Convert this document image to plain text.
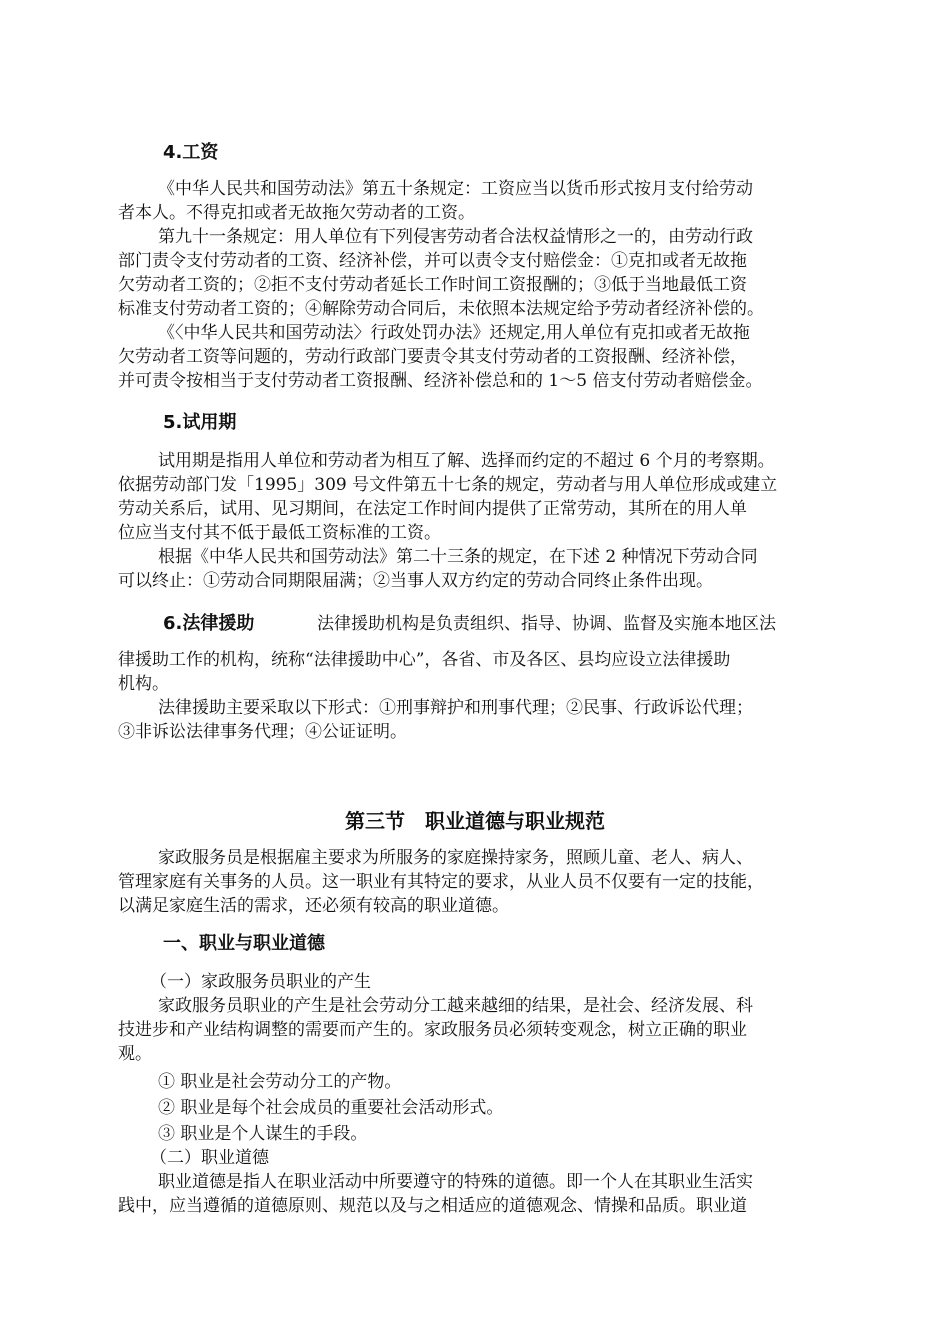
4.工资
《中华人民共和国劳动法》第五十条规定：工资应当以货币形式按月支付给劳动
者本人。不得克扣或者无故拖欠劳动者的工资。
第九十一条规定：用人单位有下列侵害劳动者合法权益情形之一的，由劳动行政
部门责令支付劳动者的工资、经济补偿，并可以责令支付赔偿金：①克扣或者无故拖
欠劳动者工资的；②拒不支付劳动者延长工作时间工资报酬的；③低于当地最低工资
标准支付劳动者工资的；④解除劳动合同后，未依照本法规定给予劳动者经济补偿的。
《〈中华人民共和国劳动法〉行政处罚办法》还规定,用人单位有克扣或者无故拖
欠劳动者工资等问题的，劳动行政部门要责令其支付劳动者的工资报酬、经济补偿，
并可责令按相当于支付劳动者工资报酬、经济补偿总和的 1～5 倍支付劳动者赔偿金。
5.试用期
试用期是指用人单位和劳动者为相互了解、选择而约定的不超过 6 个月的考察期。
依据劳动部门发「1995」309 号文件第五十七条的规定，劳动者与用人单位形成或建立
劳动关系后，试用、见习期间，在法定工作时间内提供了正常劳动，其所在的用人单
位应当支付其不低于最低工资标准的工资。
根据《中华人民共和国劳动法》第二十三条的规定，在下述 2 种情况下劳动合同
可以终止：①劳动合同期限届满；②当事人双方约定的劳动合同终止条件出现。
6.法律援助	法律援助机构是负责组织、指导、协调、监督及实施本地区法
律援助工作的机构，统称“法律援助中心”，各省、市及各区、县均应设立法律援助
机构。
法律援助主要采取以下形式：①刑事辩护和刑事代理；②民事、行政诉讼代理；
③非诉讼法律事务代理；④公证证明。
第三节　职业道德与职业规范
家政服务员是根据雇主要求为所服务的家庭操持家务，照顾儿童、老人、病人、
管理家庭有关事务的人员。这一职业有其特定的要求，从业人员不仅要有一定的技能，
以满足家庭生活的需求，还必须有较高的职业道德。
一、职业与职业道德
（一）家政服务员职业的产生
家政服务员职业的产生是社会劳动分工越来越细的结果，是社会、经济发展、科
技进步和产业结构调整的需要而产生的。家政服务员必须转变观念，树立正确的职业
观。
① 职业是社会劳动分工的产物。
② 职业是每个社会成员的重要社会活动形式。
③ 职业是个人谋生的手段。
（二）职业道德
职业道德是指人在职业活动中所要遵守的特殊的道德。即一个人在其职业生活实
践中，应当遵循的道德原则、规范以及与之相适应的道德观念、情操和品质。职业道
